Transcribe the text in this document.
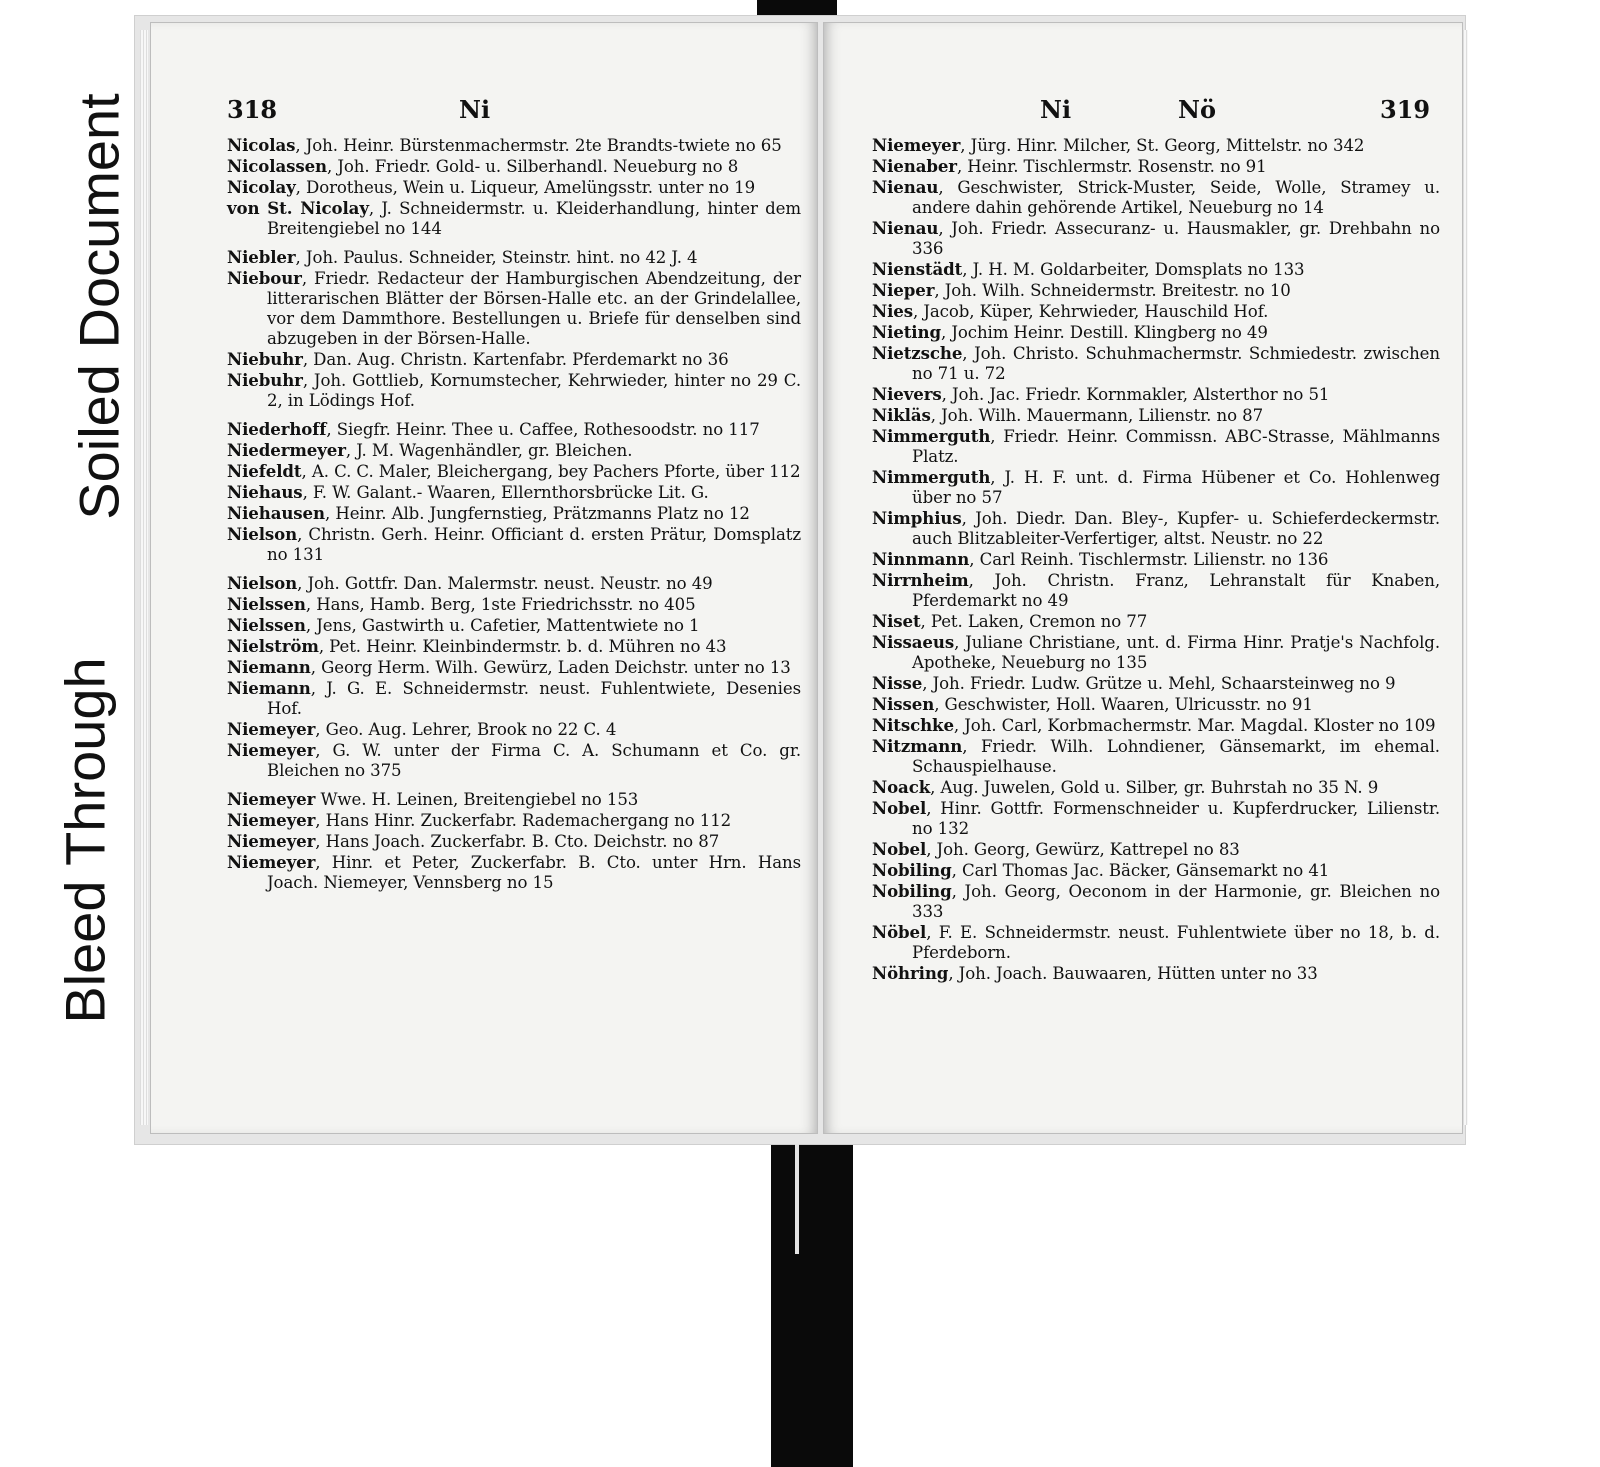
Bleed Through
Soiled Document	318	Ni

Nicolas, Joh. Heinr. Bürstenmachermstr. 2te Brandts-twiete no 65

Nicolassen, Joh. Friedr. Gold- u. Silberhandl. Neueburg no 8

Nicolay, Dorotheus, Wein u. Liqueur, Amelüngsstr. unter no 19

von St. Nicolay, J. Schneidermstr. u. Kleiderhandlung, hinter dem Breitengiebel no 144

Niebler, Joh. Paulus. Schneider, Steinstr. hint. no 42 J. 4

Niebour, Friedr. Redacteur der Hamburgischen Abendzeitung, der litterarischen Blätter der Börsen-Halle etc. an der Grindelallee, vor dem Dammthore. Bestellungen u. Briefe für denselben sind abzugeben in der Börsen-Halle.

Niebuhr, Dan. Aug. Christn. Kartenfabr. Pferdemarkt no 36

Niebuhr, Joh. Gottlieb, Kornumstecher, Kehrwieder, hinter no 29 C. 2, in Lödings Hof.

Niederhoff, Siegfr. Heinr. Thee u. Caffee, Rothesoodstr. no 117

Niedermeyer, J. M. Wagenhändler, gr. Bleichen.

Niefeldt, A. C. C. Maler, Bleichergang, bey Pachers Pforte, über 112

Niehaus, F. W. Galant.- Waaren, Ellernthorsbrücke Lit. G.

Niehausen, Heinr. Alb. Jungfernstieg, Prätzmanns Platz no 12

Nielson, Christn. Gerh. Heinr. Officiant d. ersten Prätur, Domsplatz no 131

Nielson, Joh. Gottfr. Dan. Malermstr. neust. Neustr. no 49

Nielssen, Hans, Hamb. Berg, 1ste Friedrichsstr. no 405

Nielssen, Jens, Gastwirth u. Cafetier, Mattentwiete no 1

Nielström, Pet. Heinr. Kleinbindermstr. b. d. Mühren no 43

Niemann, Georg Herm. Wilh. Gewürz, Laden Deichstr. unter no 13

Niemann, J. G. E. Schneidermstr. neust. Fuhlentwiete, Desenies Hof.

Niemeyer, Geo. Aug. Lehrer, Brook no 22 C. 4

Niemeyer, G. W. unter der Firma C. A. Schumann et Co. gr. Bleichen no 375

Niemeyer Wwe. H. Leinen, Breitengiebel no 153

Niemeyer, Hans Hinr. Zuckerfabr. Rademachergang no 112

Niemeyer, Hans Joach. Zuckerfabr. B. Cto. Deichstr. no 87

Niemeyer, Hinr. et Peter, Zuckerfabr. B. Cto. unter Hrn. Hans Joach. Niemeyer, Vennsberg no 15

Ni	Nö	319

Niemeyer, Jürg. Hinr. Milcher, St. Georg, Mittelstr. no 342

Nienaber, Heinr. Tischlermstr. Rosenstr. no 91

Nienau, Geschwister, Strick-Muster, Seide, Wolle, Stramey u. andere dahin gehörende Artikel, Neueburg no 14

Nienau, Joh. Friedr. Assecuranz- u. Hausmakler, gr. Drehbahn no 336

Nienstädt, J. H. M. Goldarbeiter, Domsplats no 133

Nieper, Joh. Wilh. Schneidermstr. Breitestr. no 10

Nies, Jacob, Küper, Kehrwieder, Hauschild Hof.

Nieting, Jochim Heinr. Destill. Klingberg no 49

Nietzsche, Joh. Christo. Schuhmachermstr. Schmiedestr. zwischen no 71 u. 72

Nievers, Joh. Jac. Friedr. Kornmakler, Alsterthor no 51

Nikläs, Joh. Wilh. Mauermann, Lilienstr. no 87

Nimmerguth, Friedr. Heinr. Commissn. ABC-Strasse, Mählmanns Platz.

Nimmerguth, J. H. F. unt. d. Firma Hübener et Co. Hohlenweg über no 57

Nimphius, Joh. Diedr. Dan. Bley-, Kupfer- u. Schieferdeckermstr. auch Blitzableiter-Verfertiger, altst. Neustr. no 22

Ninnmann, Carl Reinh. Tischlermstr. Lilienstr. no 136

Nirrnheim, Joh. Christn. Franz, Lehranstalt für Knaben, Pferdemarkt no 49

Niset, Pet. Laken, Cremon no 77

Nissaeus, Juliane Christiane, unt. d. Firma Hinr. Pratje's Nachfolg. Apotheke, Neueburg no 135

Nisse, Joh. Friedr. Ludw. Grütze u. Mehl, Schaarsteinweg no 9

Nissen, Geschwister, Holl. Waaren, Ulricusstr. no 91

Nitschke, Joh. Carl, Korbmachermstr. Mar. Magdal. Kloster no 109

Nitzmann, Friedr. Wilh. Lohndiener, Gänsemarkt, im ehemal. Schauspielhause.

Noack, Aug. Juwelen, Gold u. Silber, gr. Buhrstah no 35 N. 9

Nobel, Hinr. Gottfr. Formenschneider u. Kupferdrucker, Lilienstr. no 132

Nobel, Joh. Georg, Gewürz, Kattrepel no 83

Nobiling, Carl Thomas Jac. Bäcker, Gänsemarkt no 41

Nobiling, Joh. Georg, Oeconom in der Harmonie, gr. Bleichen no 333

Nöbel, F. E. Schneidermstr. neust. Fuhlentwiete über no 18, b. d. Pferdeborn.

Nöhring, Joh. Joach. Bauwaaren, Hütten unter no 33
